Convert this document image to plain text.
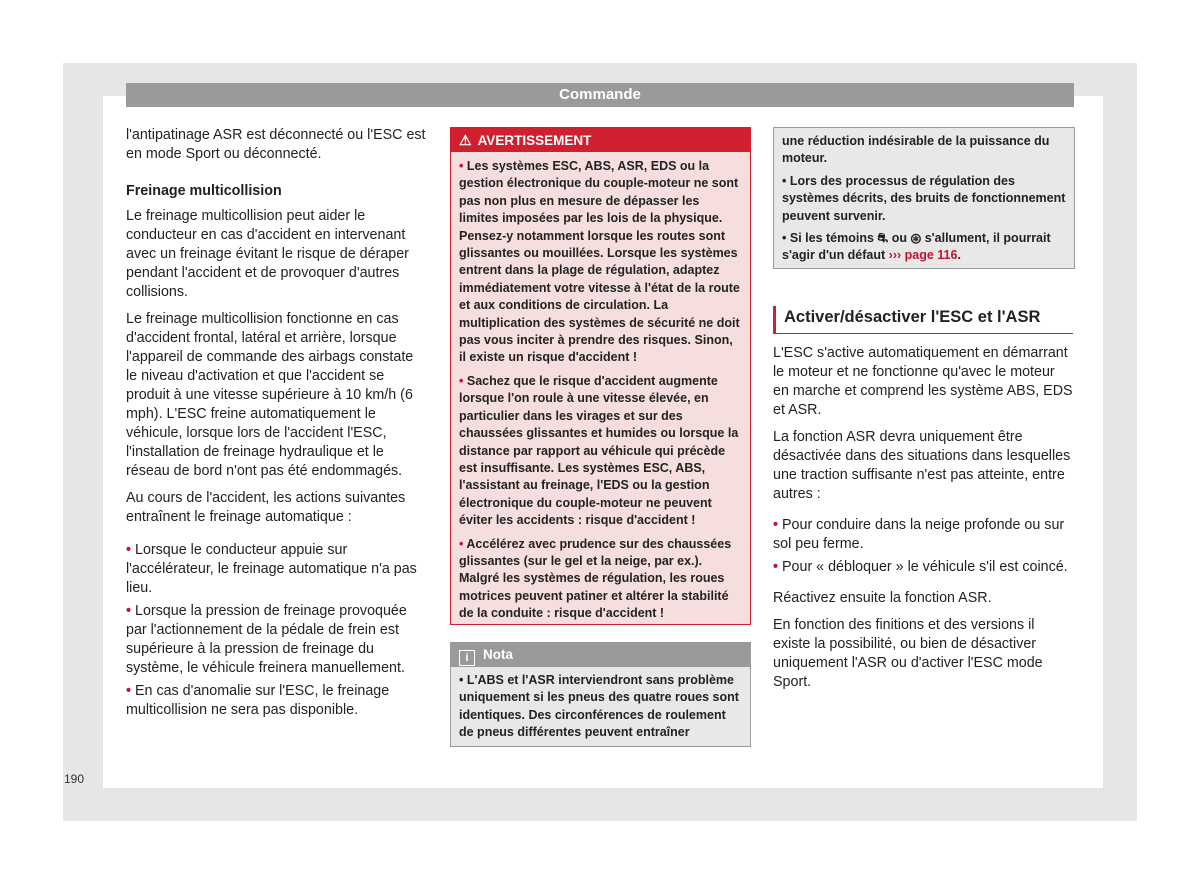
Commande

l'antipatinage ASR est déconnecté ou l'ESC est en mode Sport ou déconnecté.

Freinage multicollision

Le freinage multicollision peut aider le conducteur en cas d'accident en intervenant avec un freinage évitant le risque de déraper pendant l'accident et de provoquer d'autres collisions.

Le freinage multicollision fonctionne en cas d'accident frontal, latéral et arrière, lorsque l'appareil de commande des airbags constate le niveau d'activation et que l'accident se produit à une vitesse supérieure à 10 km/h (6 mph). L'ESC freine automatiquement le véhicule, lorsque lors de l'accident l'ESC, l'installation de freinage hydraulique et le réseau de bord n'ont pas été endommagés.

Au cours de l'accident, les actions suivantes entraînent le freinage automatique :

• Lorsque le conducteur appuie sur l'accélérateur, le freinage automatique n'a pas lieu.
• Lorsque la pression de freinage provoquée par l'actionnement de la pédale de frein est supérieure à la pression de freinage du système, le véhicule freinera manuellement.
• En cas d'anomalie sur l'ESC, le freinage multicollision ne sera pas disponible.
⚠ AVERTISSEMENT

• Les systèmes ESC, ABS, ASR, EDS ou la gestion électronique du couple-moteur ne sont pas non plus en mesure de dépasser les limites imposées par les lois de la physique. Pensez-y notamment lorsque les routes sont glissantes ou mouillées. Lorsque les systèmes entrent dans la plage de régulation, adaptez immédiatement votre vitesse à l'état de la route et aux conditions de circulation. La multiplication des systèmes de sécurité ne doit pas vous inciter à prendre des risques. Sinon, il existe un risque d'accident !

• Sachez que le risque d'accident augmente lorsque l'on roule à une vitesse élevée, en particulier dans les virages et sur des chaussées glissantes et humides ou lorsque la distance par rapport au véhicule qui précède est insuffisante. Les systèmes ESC, ABS, l'assistant au freinage, l'EDS ou la gestion électronique du couple-moteur ne peuvent éviter les accidents : risque d'accident !

• Accélérez avec prudence sur des chaussées glissantes (sur le gel et la neige, par ex.). Malgré les systèmes de régulation, les roues motrices peuvent patiner et altérer la stabilité de la conduite : risque d'accident !

i Nota
• L'ABS et l'ASR interviendront sans problème uniquement si les pneus des quatre roues sont identiques. Des circonférences de roulement de pneus différentes peuvent entraîner

une réduction indésirable de la puissance du moteur.

• Lors des processus de régulation des systèmes décrits, des bruits de fonctionnement peuvent survenir.

• Si les témoins ⛐ ou ⊛ s'allument, il pourrait s'agir d'un défaut ››› page 116.

Activer/désactiver l'ESC et l'ASR

L'ESC s'active automatiquement en démarrant le moteur et ne fonctionne qu'avec le moteur en marche et comprend les système ABS, EDS et ASR.

La fonction ASR devra uniquement être désactivée dans des situations dans lesquelles une traction suffisante n'est pas atteinte, entre autres :

• Pour conduire dans la neige profonde ou sur sol peu ferme.
• Pour « débloquer » le véhicule s'il est coincé.

Réactivez ensuite la fonction ASR.

En fonction des finitions et des versions il existe la possibilité, ou bien de désactiver uniquement l'ASR ou d'activer l'ESC mode Sport.

190
